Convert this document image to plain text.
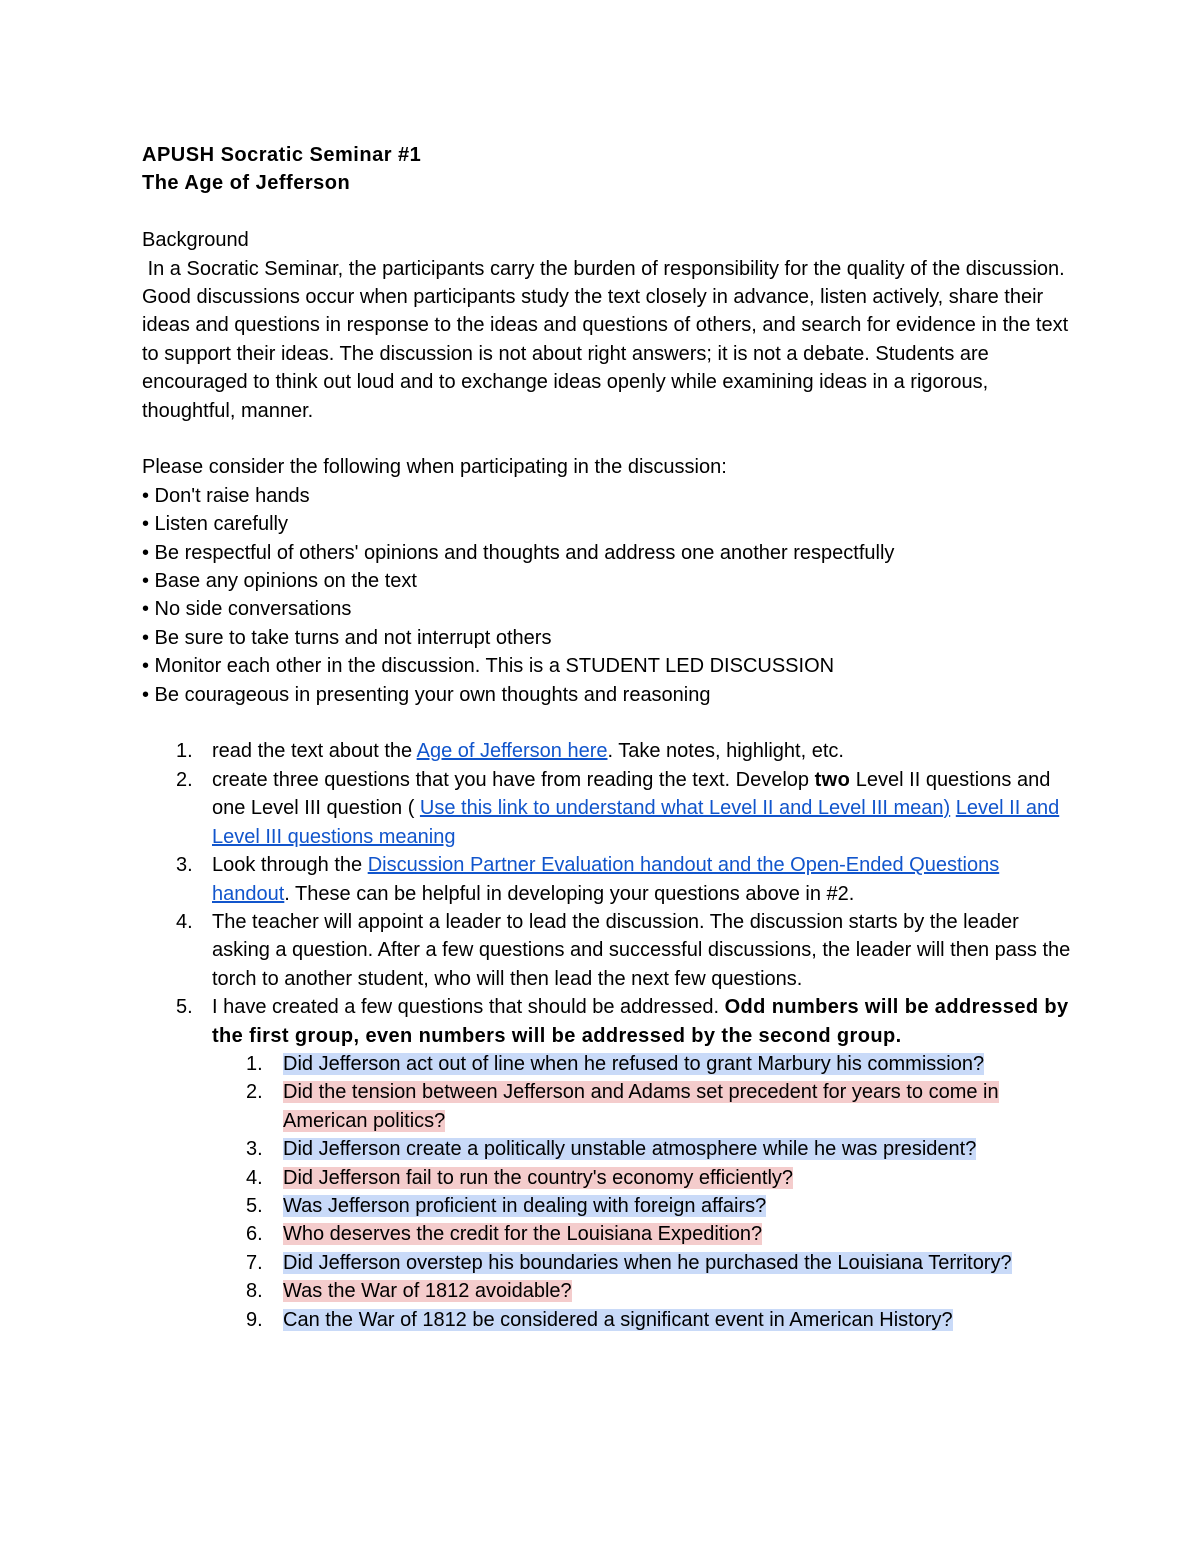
APUSH Socratic Seminar #1

The Age of Jefferson

Background

In a Socratic Seminar, the participants carry the burden of responsibility for the quality of the discussion. Good discussions occur when participants study the text closely in advance, listen actively, share their ideas and questions in response to the ideas and questions of others, and search for evidence in the text to support their ideas. The discussion is not about right answers; it is not a debate. Students are encouraged to think out loud and to exchange ideas openly while examining ideas in a rigorous, thoughtful, manner.

Please consider the following when participating in the discussion:

• Don't raise hands

• Listen carefully

• Be respectful of others' opinions and thoughts and address one another respectfully

• Base any opinions on the text

• No side conversations

• Be sure to take turns and not interrupt others

• Monitor each other in the discussion. This is a STUDENT LED DISCUSSION

• Be courageous in presenting your own thoughts and reasoning

1. read the text about the Age of Jefferson here. Take notes, highlight, etc.
2. create three questions that you have from reading the text. Develop two Level II questions and one Level III question ( Use this link to understand what Level II and Level III mean) Level II and Level III questions meaning
3. Look through the Discussion Partner Evaluation handout and the Open-Ended Questions handout. These can be helpful in developing your questions above in #2.
4. The teacher will appoint a leader to lead the discussion. The discussion starts by the leader asking a question. After a few questions and successful discussions, the leader will then pass the torch to another student, who will then lead the next few questions.
5. I have created a few questions that should be addressed. Odd numbers will be addressed by the first group, even numbers will be addressed by the second group.
1. Did Jefferson act out of line when he refused to grant Marbury his commission?
2. Did the tension between Jefferson and Adams set precedent for years to come in American politics?
3. Did Jefferson create a politically unstable atmosphere while he was president?
4. Did Jefferson fail to run the country's economy efficiently?
5. Was Jefferson proficient in dealing with foreign affairs?
6. Who deserves the credit for the Louisiana Expedition?
7. Did Jefferson overstep his boundaries when he purchased the Louisiana Territory?
8. Was the War of 1812 avoidable?
9. Can the War of 1812 be considered a significant event in American History?
